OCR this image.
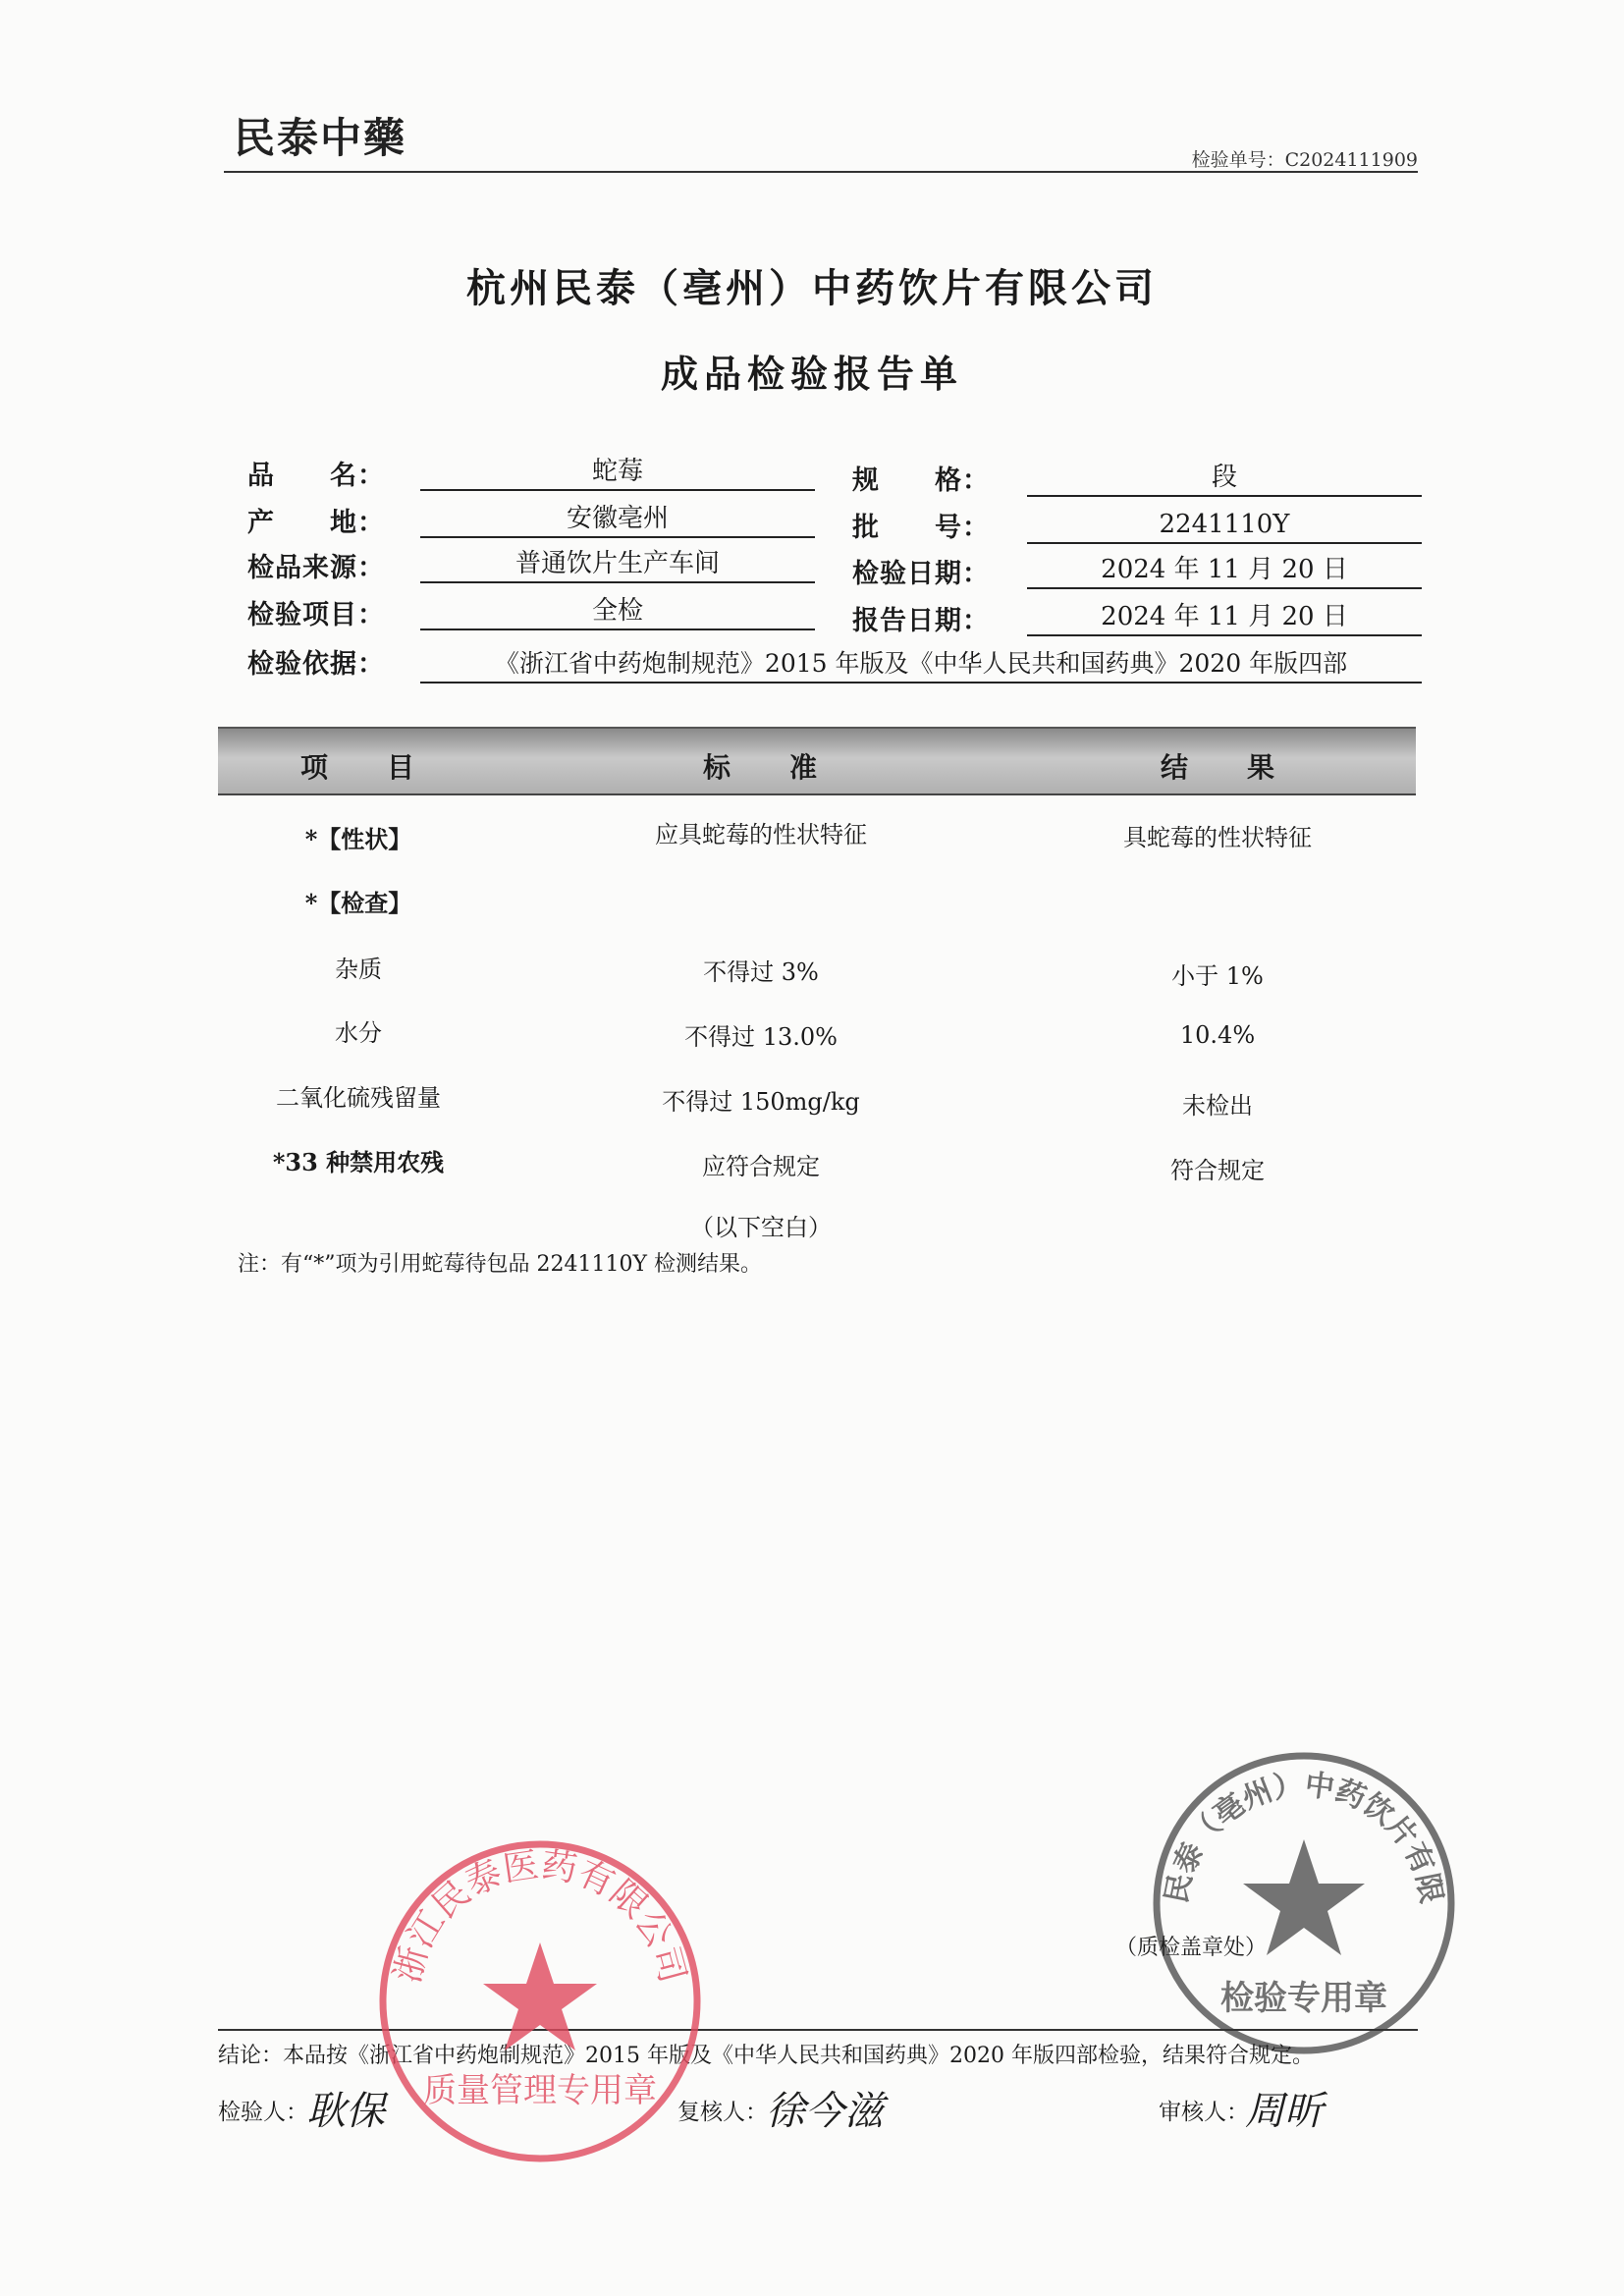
民泰中藥	检验单号：C2024111909
杭州民泰（亳州）中药饮片有限公司
成品检验报告单
品　　名：	蛇莓	规　　格：	段
产　　地：	安徽亳州	批　　号：	2241110Y
检品来源：	普通饮片生产车间	检验日期：	2024 年 11 月 20 日
检验项目：	全检	报告日期：	2024 年 11 月 20 日
检验依据：	《浙江省中药炮制规范》2015 年版及《中华人民共和国药典》2020 年版四部
项　目	标　准	结　果
*【性状】	应具蛇莓的性状特征	具蛇莓的性状特征
*【检查】
杂质	不得过 3%	小于 1%
水分	不得过 13.0%	10.4%
二氧化硫残留量	不得过 150mg/kg	未检出
*33 种禁用农残	应符合规定	符合规定
（以下空白）
注：有“*”项为引用蛇莓待包品 2241110Y 检测结果。
杭州民泰（亳州）中药饮片有限公司
检验专用章
（质检盖章处）
结论：本品按《浙江省中药炮制规范》2015 年版及《中华人民共和国药典》2020 年版四部检验，结果符合规定。
检验人：
耿保	复核人：
徐今滋	审核人：
周昕
浙江民泰医药有限公司
质量管理专用章
